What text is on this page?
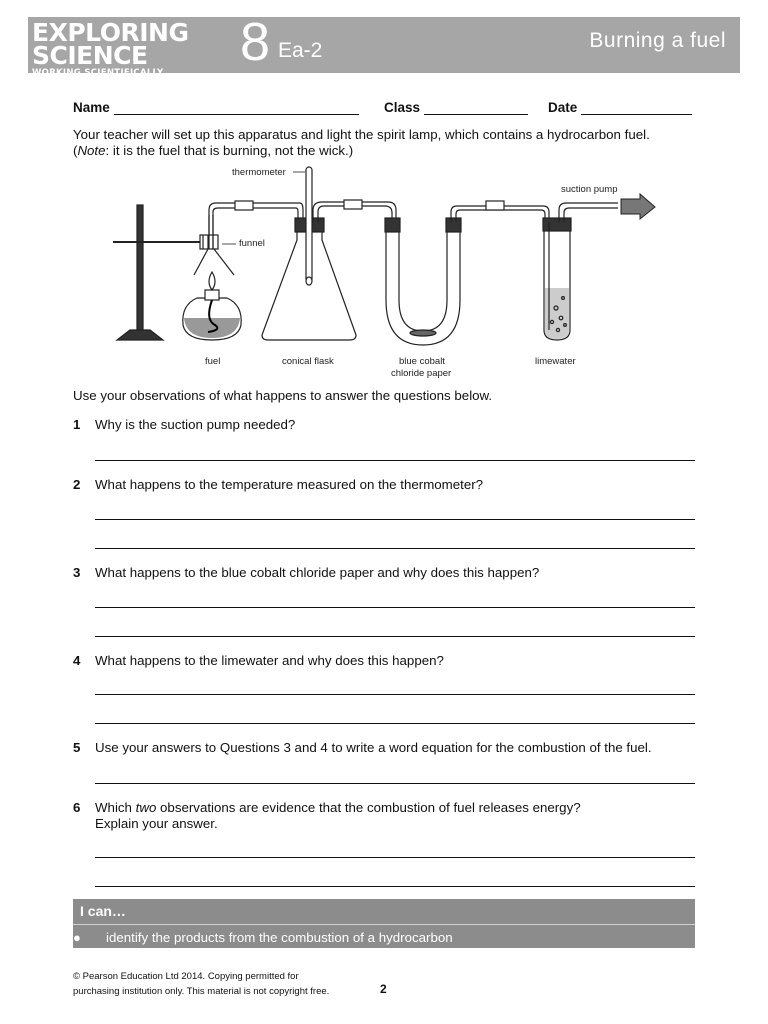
EXPLORING
SCIENCE
WORKING SCIENTIFICALLY
8 Ea-2	Burning a fuel
Name	Class	Date
Your teacher will set up this apparatus and light the spirit lamp, which contains a hydrocarbon fuel.
(Note: it is the fuel that is burning, not the wick.)
thermometer
suction pump
funnel
fuel	conical flask	blue cobalt
chloride paper
limewater
Use your observations of what happens to answer the questions below.
1 Why is the suction pump needed?
2 What happens to the temperature measured on the thermometer?
3 What happens to the blue cobalt chloride paper and why does this happen?
4 What happens to the limewater and why does this happen?
5 Use your answers to Questions 3 and 4 to write a word equation for the combustion of the fuel.
6 Which two observations are evidence that the combustion of fuel releases energy?
Explain your answer.
I can…
● identify the products from the combustion of a hydrocarbon
© Pearson Education Ltd 2014. Copying permitted for
purchasing institution only. This material is not copyright free.	2
